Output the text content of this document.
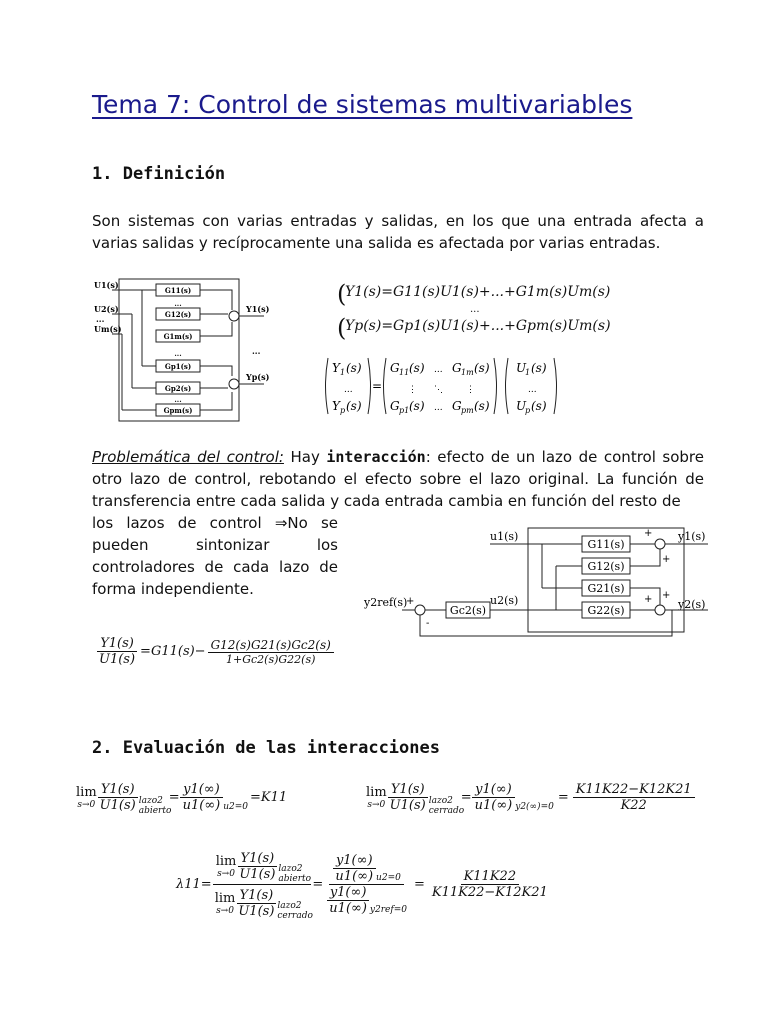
Tema 7: Control de sistemas multivariables
1. Definición
Son sistemas con varias entradas y salidas, en los que una entrada afecta a varias salidas y recíprocamente una salida es afectada por varias entradas.
U1(s)
U2(s)
...
Um(s)
G11(s)
G12(s)
...
G1m(s)
...
Gp1(s)
Gp2(s)
...
Gpm(s)
Y1(s)
...
Yp(s)
(
Y1(s)=G11(s)U1(s)+...+G1m(s)Um(s)
...
(
Yp(s)=Gp1(s)U1(s)+...+Gpm(s)Um(s)
Y 1 (s)
...
Y p (s)
=
G 11 (s) ... G 1m (s)
⋮ ⋱	⋮
G p1 (s) ... G pm (s)
U
1 (s)
...
U
p (s)
Problemática del control: Hay interacción: efecto de un lazo de control sobre otro lazo de control, rebotando el efecto sobre el lazo original. La función de transferencia entre cada salida y cada entrada cambia en función del resto de
los lazos de control ⇒No se pueden sintonizar los controladores de cada lazo de forma independiente.
G11(s)
G12(s)
G21(s)
G22(s)
Gc2(s)
u1(s)
u2(s)
y1(s)
y2(s)
y2ref(s)
+
+
+ +
+
-
$\frac{Y1(s)}{U1(s)} =G11(s)- \frac{G12(s)G21(s)Gc2(s)}{1+Gc2(s)G22(s)}$
2. Evaluación de las interacciones
lim
$s\to 0 \frac{Y1(s)}{U1(s)}$ lazo2 abierto
= $\frac{y1(\infty)}{u1(\infty)} u2=0$
=K11	lim
$s\to 0 \frac{Y1(s)}{U1(s)}$ lazo2 cerrado
= $\frac{y1(\infty)}{u1(\infty)} y2(\infty)=0$
= $\frac{K11K22-K12K21}{K22}$
λ11= lim
$s\to 0 \frac{Y1(s)}{U1(s)}$ lazo2 abierto
lim
$s\to 0 \frac{Y1(s)}{U1(s)}$ lazo2 cerrado = $\frac{\frac{y1(\infty)}{u1(\infty)} u2=0}{\frac{y1(\infty)}{u1(\infty)} y2ref=0} = \frac{K11K22}{K11K22-K12K21}$
